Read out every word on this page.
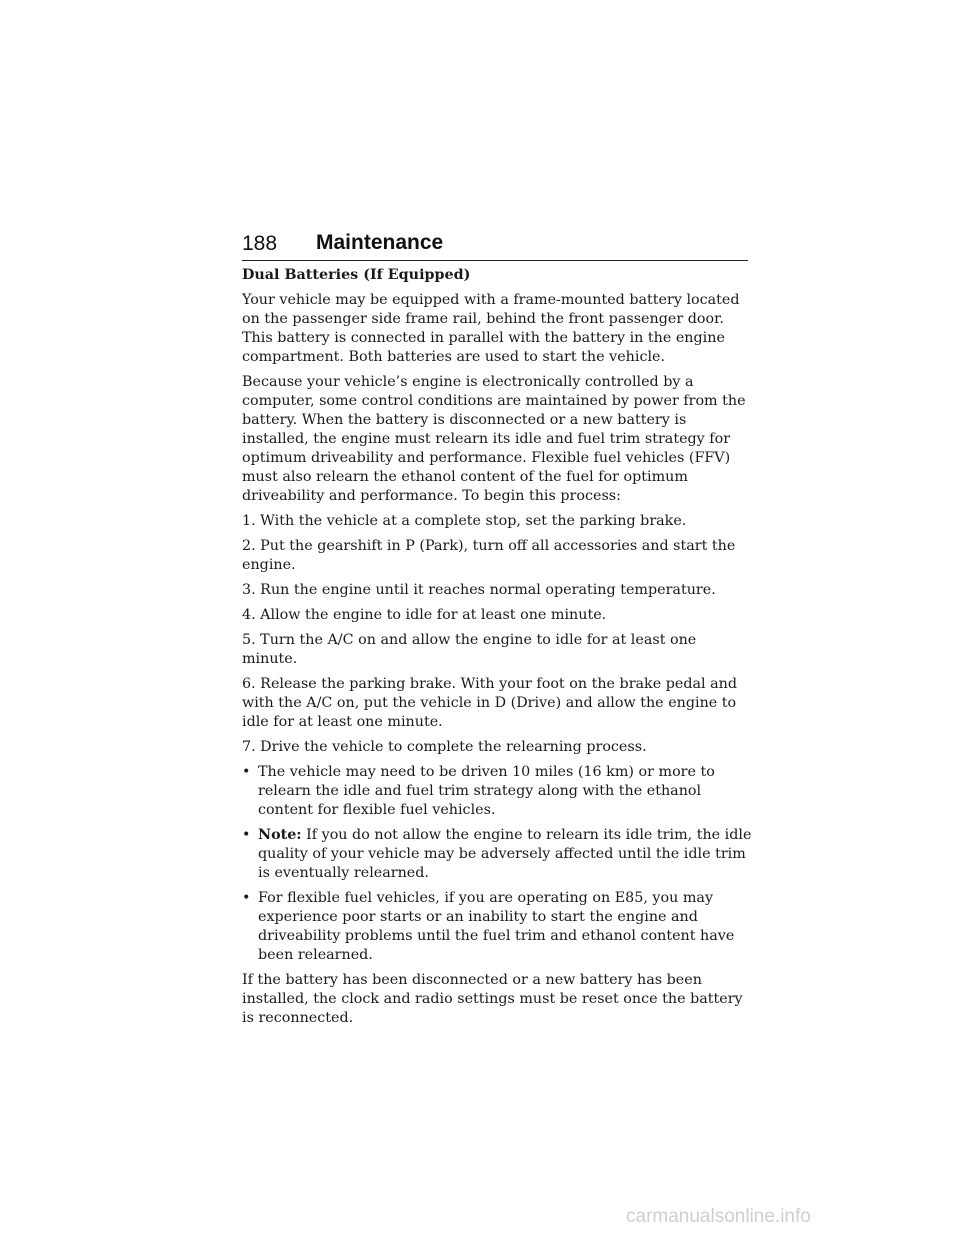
188 Maintenance
Dual Batteries (If Equipped)

Your vehicle may be equipped with a frame-mounted battery located on the passenger side frame rail, behind the front passenger door. This battery is connected in parallel with the battery in the engine compartment. Both batteries are used to start the vehicle.

Because your vehicle’s engine is electronically controlled by a computer, some control conditions are maintained by power from the battery. When the battery is disconnected or a new battery is installed, the engine must relearn its idle and fuel trim strategy for optimum driveability and performance. Flexible fuel vehicles (FFV) must also relearn the ethanol content of the fuel for optimum driveability and performance. To begin this process:

1. With the vehicle at a complete stop, set the parking brake.

2. Put the gearshift in P (Park), turn off all accessories and start the engine.

3. Run the engine until it reaches normal operating temperature.

4. Allow the engine to idle for at least one minute.

5. Turn the A/C on and allow the engine to idle for at least one minute.

6. Release the parking brake. With your foot on the brake pedal and with the A/C on, put the vehicle in D (Drive) and allow the engine to idle for at least one minute.

7. Drive the vehicle to complete the relearning process.

• The vehicle may need to be driven 10 miles (16 km) or more to relearn the idle and fuel trim strategy along with the ethanol content for flexible fuel vehicles.
• Note: If you do not allow the engine to relearn its idle trim, the idle quality of your vehicle may be adversely affected until the idle trim is eventually relearned.
• For flexible fuel vehicles, if you are operating on E85, you may experience poor starts or an inability to start the engine and driveability problems until the fuel trim and ethanol content have been relearned.

If the battery has been disconnected or a new battery has been installed, the clock and radio settings must be reset once the battery is reconnected.

carmanualsonline.info
